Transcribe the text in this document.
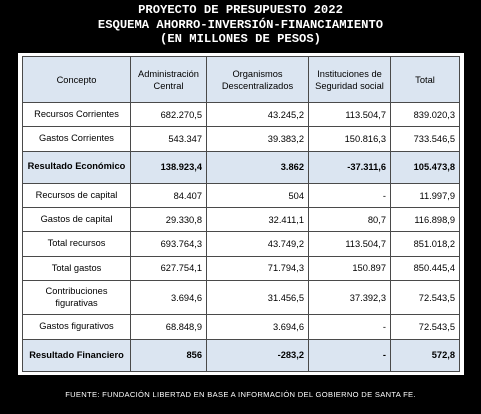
PROYECTO DE PRESUPUESTO 2022
ESQUEMA AHORRO-INVERSIÓN-FINANCIAMIENTO
(EN MILLONES DE PESOS)
Concepto	Administración Central	Organismos Descentralizados	Instituciones de Seguridad social	Total
Recursos Corrientes	682.270,5	43.245,2	113.504,7	839.020,3
Gastos Corrientes	543.347	39.383,2	150.816,3	733.546,5
Resultado Económico	138.923,4	3.862	-37.311,6	105.473,8
Recursos de capital	84.407	504	-	11.997,9
Gastos de capital	29.330,8	32.411,1	80,7	116.898,9
Total recursos	693.764,3	43.749,2	113.504,7	851.018,2
Total gastos	627.754,1	71.794,3	150.897	850.445,4
Contribuciones figurativas	3.694,6	31.456,5	37.392,3	72.543,5
Gastos figurativos	68.848,9	3.694,6	-	72.543,5
Resultado Financiero	856	-283,2	-	572,8
FUENTE: FUNDACIÓN LIBERTAD EN BASE A INFORMACIÓN DEL GOBIERNO DE SANTA FE.
